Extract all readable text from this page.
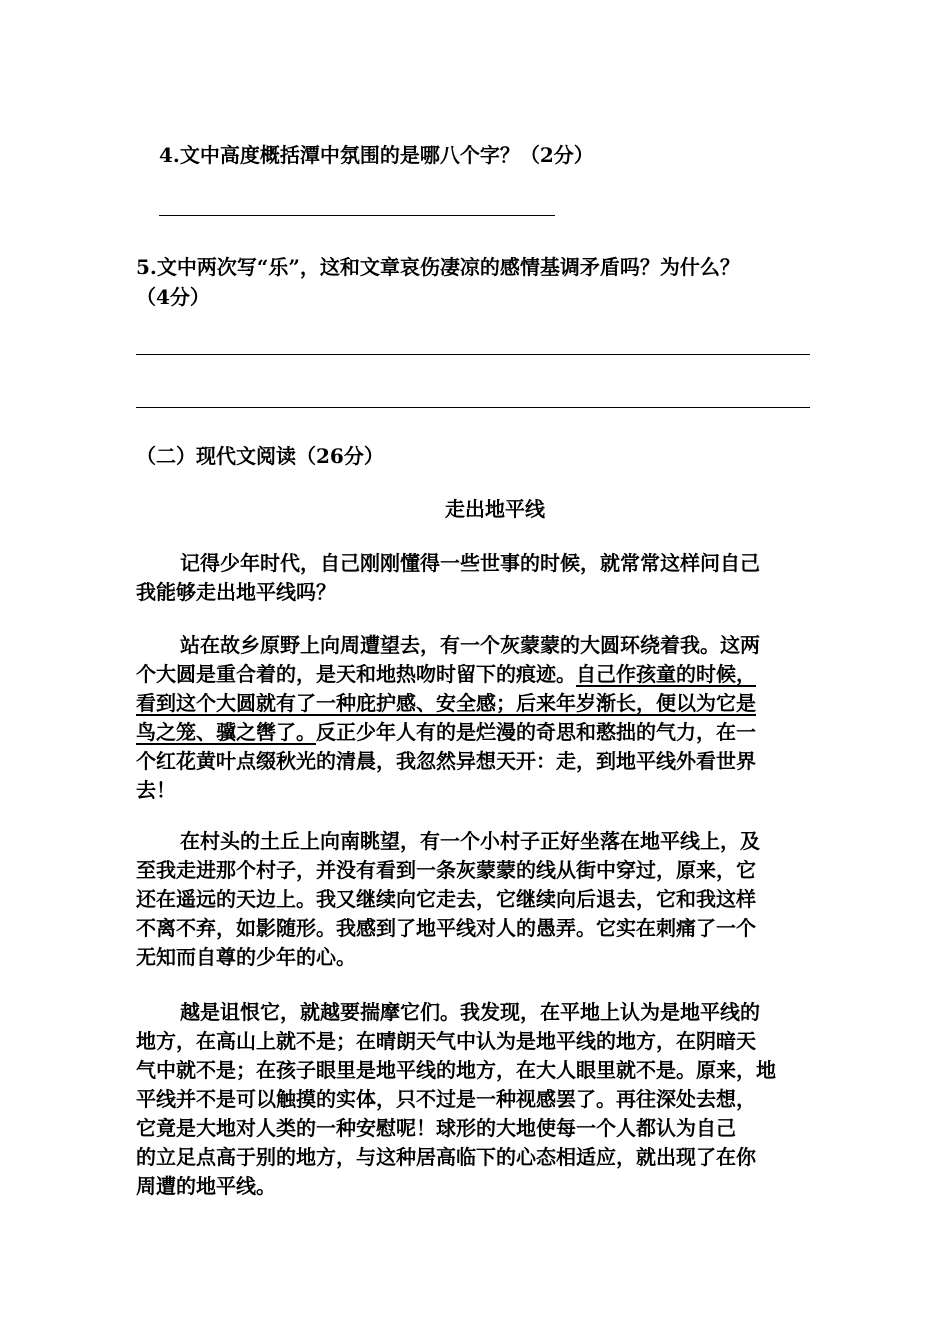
4.文中高度概括潭中氛围的是哪八个字？（2分）
5.文中两次写“乐”，这和文章哀伤凄凉的感情基调矛盾吗？为什么？
（4分）
（二）现代文阅读（26分）
走出地平线
记得少年时代，自己刚刚懂得一些世事的时候，就常常这样问自己
我能够走出地平线吗？
站在故乡原野上向周遭望去，有一个灰蒙蒙的大圆环绕着我。这两
个大圆是重合着的，是天和地热吻时留下的痕迹。自己作孩童的时候，
看到这个大圆就有了一种庇护感、安全感；后来年岁渐长，便以为它是
鸟之笼、骥之辔了。反正少年人有的是烂漫的奇思和憨拙的气力，在一
个红花黄叶点缀秋光的清晨，我忽然异想天开：走，到地平线外看世界
去！
在村头的土丘上向南眺望，有一个小村子正好坐落在地平线上，及
至我走进那个村子，并没有看到一条灰蒙蒙的线从街中穿过，原来，它
还在遥远的天边上。我又继续向它走去，它继续向后退去，它和我这样
不离不弃，如影随形。我感到了地平线对人的愚弄。它实在刺痛了一个
无知而自尊的少年的心。
越是诅恨它，就越要揣摩它们。我发现，在平地上认为是地平线的
地方，在高山上就不是；在晴朗天气中认为是地平线的地方，在阴暗天
气中就不是；在孩子眼里是地平线的地方，在大人眼里就不是。原来，地
平线并不是可以触摸的实体，只不过是一种视感罢了。再往深处去想，
它竟是大地对人类的一种安慰呢！球形的大地使每一个人都认为自己
的立足点高于别的地方，与这种居高临下的心态相适应，就出现了在你
周遭的地平线。
